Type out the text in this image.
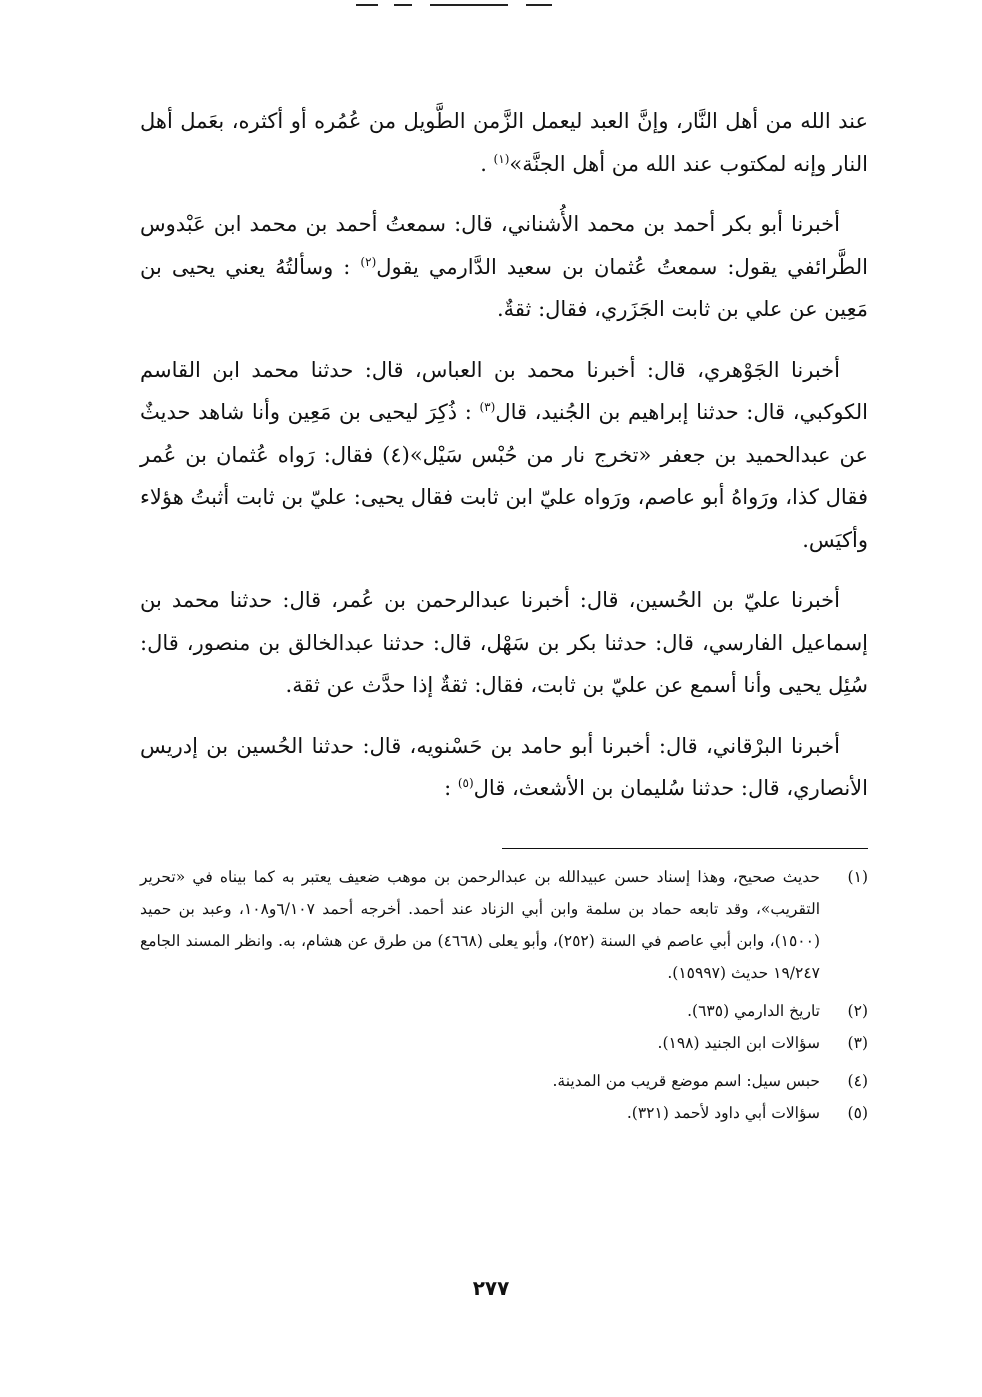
عند الله من أهل النَّار، وإنَّ العبد ليعمل الزَّمن الطَّويل من عُمُره أو أكثره، بعَمل أهل النار وإنه لمكتوب عند الله من أهل الجنَّة»$^{(١)}$ .

أخبرنا أبو بكر أحمد بن محمد الأُشناني، قال: سمعتُ أحمد بن محمد ابن عَبْدوس الطَّرائفي يقول: سمعتُ عُثمان بن سعيد الدَّارمي يقول$^{(٢)}$ : وسألتُهُ يعني يحيى بن مَعِين عن علي بن ثابت الجَزَري، فقال: ثقةٌ.

أخبرنا الجَوْهري، قال: أخبرنا محمد بن العباس، قال: حدثنا محمد ابن القاسم الكوكبي، قال: حدثنا إبراهيم بن الجُنيد، قال$^{(٣)}$ : ذُكِرَ ليحيى بن مَعِين وأنا شاهد حديثٌ عن عبدالحميد بن جعفر «تخرج نار من حُبْس سَيْل»(٤) فقال: رَواه عُثمان بن عُمر فقال كذا، ورَواهُ أبو عاصم، ورَواه عليّ ابن ثابت فقال يحيى: عليّ بن ثابت أثبتُ هؤلاء وأكيَس.

أخبرنا عليّ بن الحُسين، قال: أخبرنا عبدالرحمن بن عُمر، قال: حدثنا محمد بن إسماعيل الفارسي، قال: حدثنا بكر بن سَهْل، قال: حدثنا عبدالخالق بن منصور، قال: سُئِل يحيى وأنا أسمع عن عليّ بن ثابت، فقال: ثقةٌ إذا حدَّث عن ثقة.

أخبرنا البرْقاني، قال: أخبرنا أبو حامد بن حَسْنويه، قال: حدثنا الحُسين بن إدريس الأنصاري، قال: حدثنا سُليمان بن الأشعث، قال$^{(٥)}$ :

(١)
حديث صحيح، وهذا إسناد حسن عبيدالله بن عبدالرحمن بن موهب ضعيف يعتبر به كما بيناه في «تحرير التقريب»، وقد تابعه حماد بن سلمة وابن أبي الزناد عند أحمد. أخرجه أحمد ٦/١٠٧و١٠٨، وعبد بن حميد (١٥٠٠)، وابن أبي عاصم في السنة (٢٥٢)، وأبو يعلى (٤٦٦٨) من طرق عن هشام، به. وانظر المسند الجامع ١٩/٢٤٧ حديث (١٥٩٩٧).
(٢)
تاريخ الدارمي (٦٣٥).
(٣)
سؤالات ابن الجنيد (١٩٨).
(٤)
حبس سيل: اسم موضع قريب من المدينة.
(٥)
سؤالات أبي داود لأحمد (٣٢١).
٢٧٧
